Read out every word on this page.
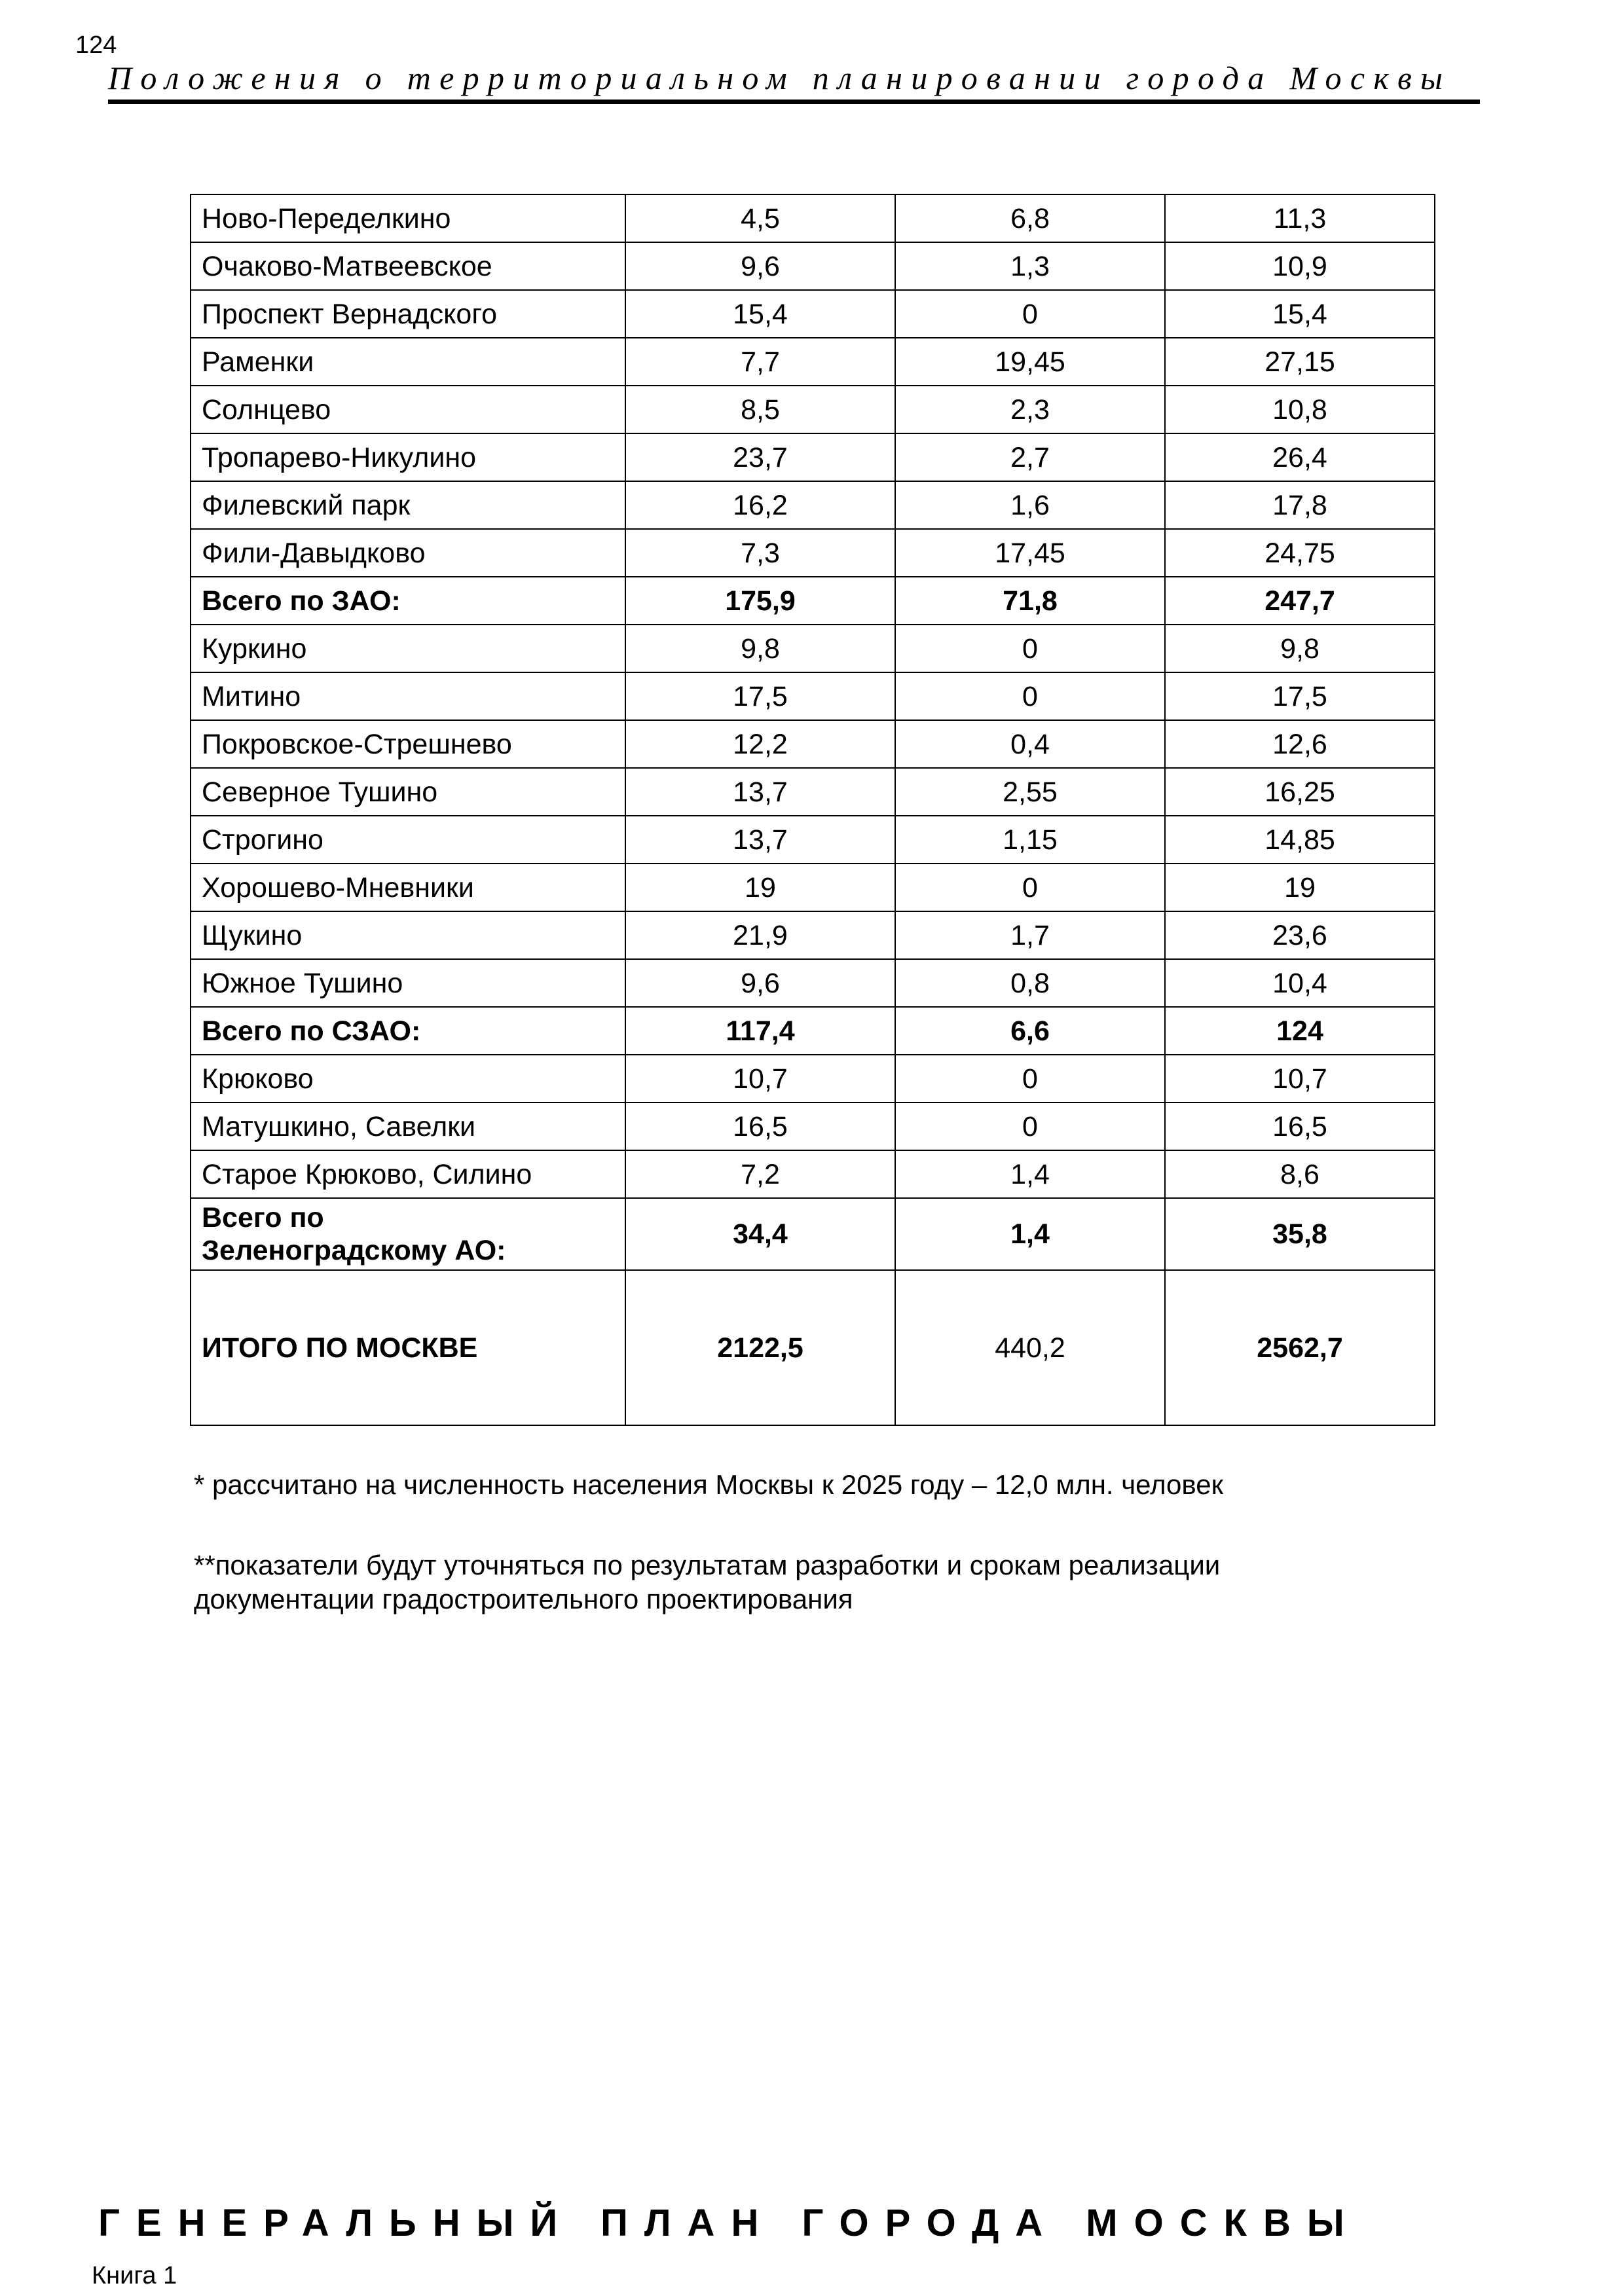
124
Положения о территориальном планировании города Москвы
Ново-Переделкино	4,5	6,8	11,3
Очаково-Матвеевское	9,6	1,3	10,9
Проспект Вернадского	15,4	0	15,4
Раменки	7,7	19,45	27,15
Солнцево	8,5	2,3	10,8
Тропарево-Никулино	23,7	2,7	26,4
Филевский парк	16,2	1,6	17,8
Фили-Давыдково	7,3	17,45	24,75
Всего по ЗАО:	175,9	71,8	247,7
Куркино	9,8	0	9,8
Митино	17,5	0	17,5
Покровское-Стрешнево	12,2	0,4	12,6
Северное Тушино	13,7	2,55	16,25
Строгино	13,7	1,15	14,85
Хорошево-Мневники	19	0	19
Щукино	21,9	1,7	23,6
Южное Тушино	9,6	0,8	10,4
Всего по СЗАО:	117,4	6,6	124
Крюково	10,7	0	10,7
Матушкино, Савелки	16,5	0	16,5
Старое Крюково, Силино	7,2	1,4	8,6

Всего по
Зеленоградскому АО:	34,4	1,4	35,8
ИТОГО ПО МОСКВЕ	2122,5	440,2	2562,7
* рассчитано на численность населения Москвы к 2025 году – 12,0 млн. человек
**показатели будут уточняться по результатам разработки и срокам реализации
документации градостроительного проектирования
ГЕНЕРАЛЬНЫЙ ПЛАН ГОРОДА МОСКВЫ
Книга 1
